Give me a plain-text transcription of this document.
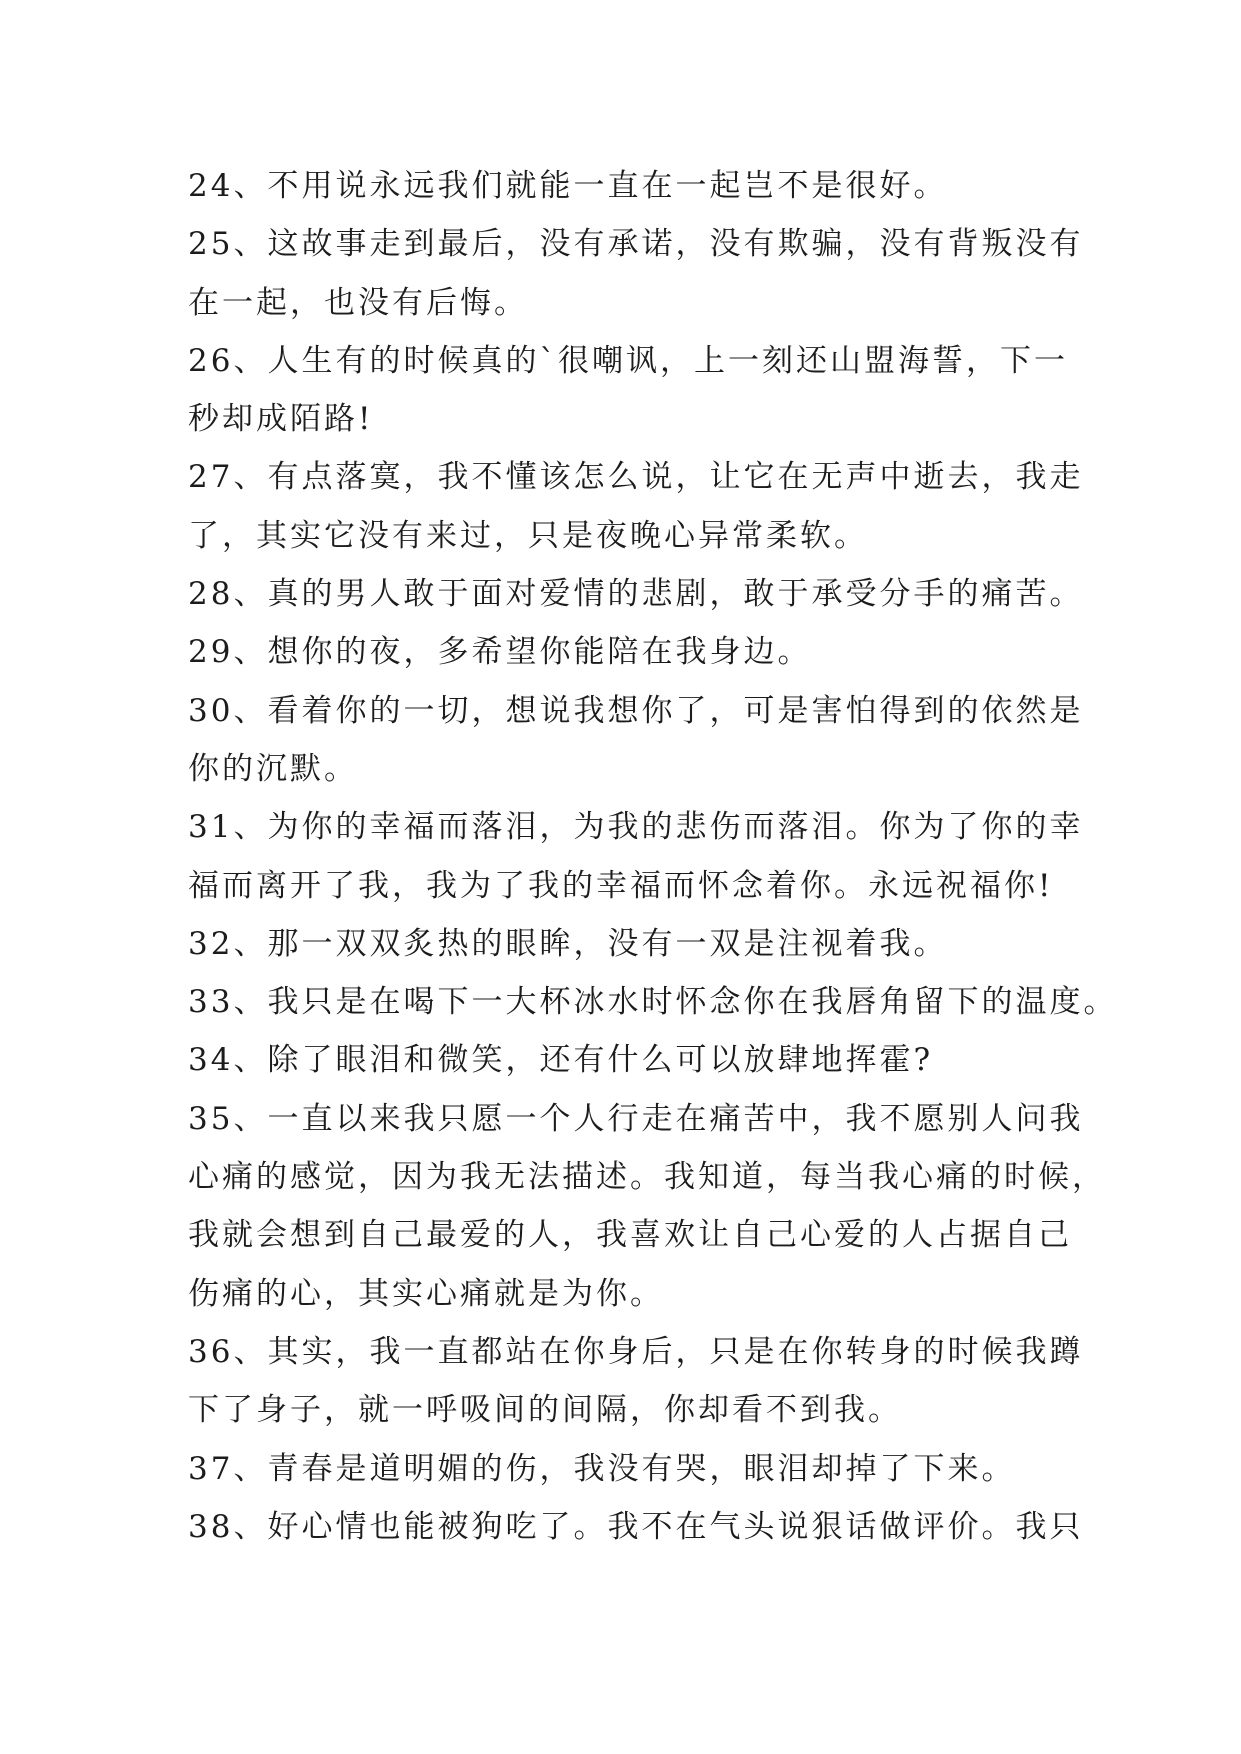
24、不用说永远我们就能一直在一起岂不是很好。
25、这故事走到最后，没有承诺，没有欺骗，没有背叛没有
在一起，也没有后悔。
26、人生有的时候真的`很嘲讽，上一刻还山盟海誓，下一
秒却成陌路!
27、有点落寞，我不懂该怎么说，让它在无声中逝去，我走
了，其实它没有来过，只是夜晚心异常柔软。
28、真的男人敢于面对爱情的悲剧，敢于承受分手的痛苦。
29、想你的夜，多希望你能陪在我身边。
30、看着你的一切，想说我想你了，可是害怕得到的依然是
你的沉默。
31、为你的幸福而落泪，为我的悲伤而落泪。你为了你的幸
福而离开了我，我为了我的幸福而怀念着你。永远祝福你!
32、那一双双炙热的眼眸，没有一双是注视着我。
33、我只是在喝下一大杯冰水时怀念你在我唇角留下的温度。
34、除了眼泪和微笑，还有什么可以放肆地挥霍?
35、一直以来我只愿一个人行走在痛苦中，我不愿别人问我
心痛的感觉，因为我无法描述。我知道，每当我心痛的时候，
我就会想到自己最爱的人，我喜欢让自己心爱的人占据自己
伤痛的心，其实心痛就是为你。
36、其实，我一直都站在你身后，只是在你转身的时候我蹲
下了身子，就一呼吸间的间隔，你却看不到我。
37、青春是道明媚的伤，我没有哭，眼泪却掉了下来。
38、好心情也能被狗吃了。我不在气头说狠话做评价。我只
